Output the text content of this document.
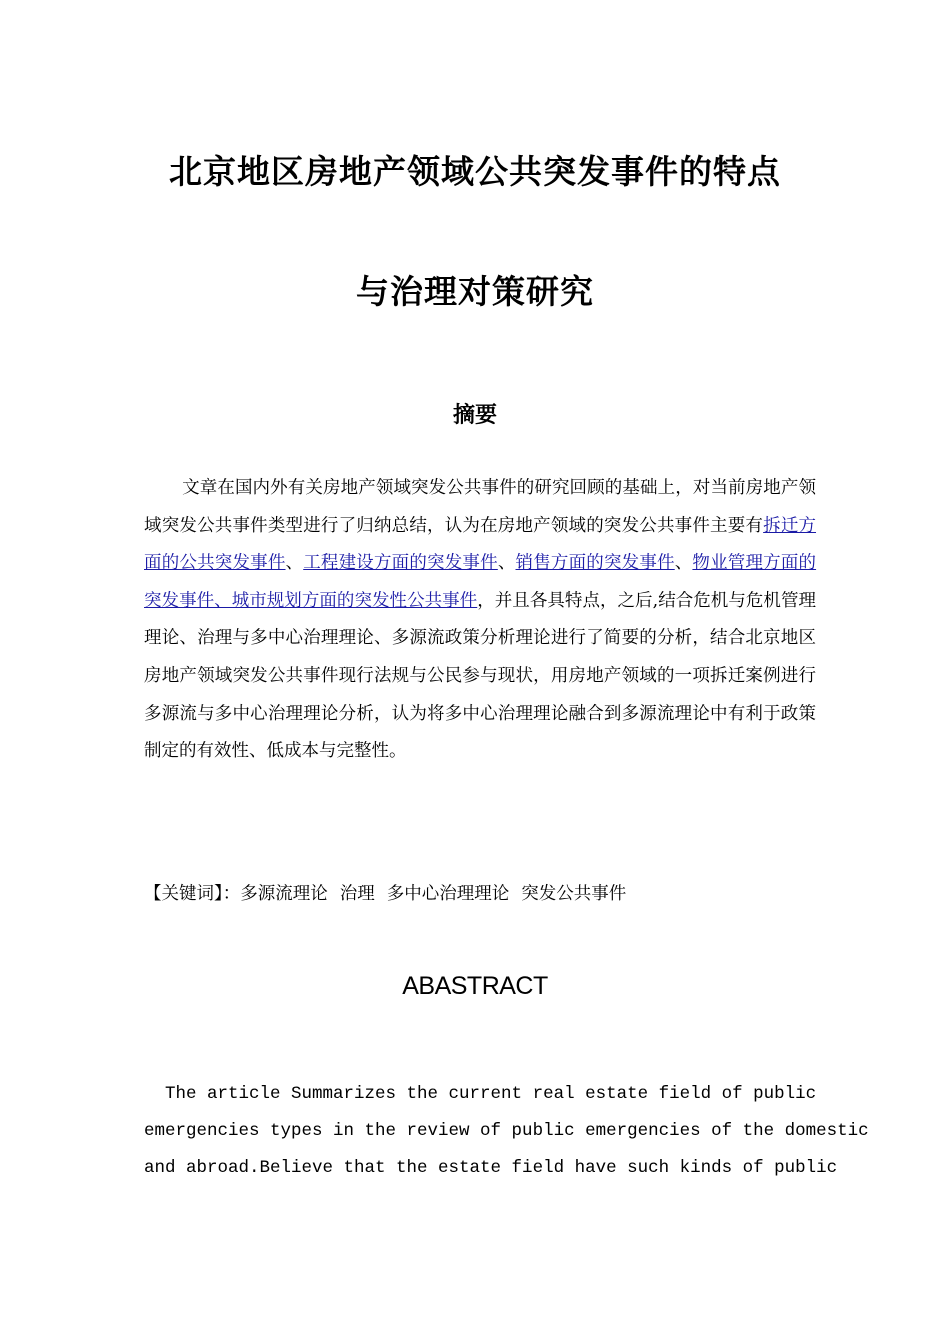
北京地区房地产领域公共突发事件的特点
与治理对策研究
摘要
文章在国内外有关房地产领域突发公共事件的研究回顾的基础上，对当前房地产领域突发公共事件类型进行了归纳总结，认为在房地产领域的突发公共事件主要有拆迁方面的公共突发事件、工程建设方面的突发事件、销售方面的突发事件、物业管理方面的突发事件、城市规划方面的突发性公共事件，并且各具特点，之后,结合危机与危机管理理论、治理与多中心治理理论、多源流政策分析理论进行了简要的分析，结合北京地区房地产领域突发公共事件现行法规与公民参与现状，用房地产领域的一项拆迁案例进行多源流与多中心治理理论分析，认为将多中心治理理论融合到多源流理论中有利于政策制定的有效性、低成本与完整性。
【关键词】：多源流理论 治理 多中心治理理论 突发公共事件
ABASTRACT
The article Summarizes the current real estate field of public
emergencies types in the review of public emergencies of the domestic
and abroad.Believe that the estate field have such kinds of public
